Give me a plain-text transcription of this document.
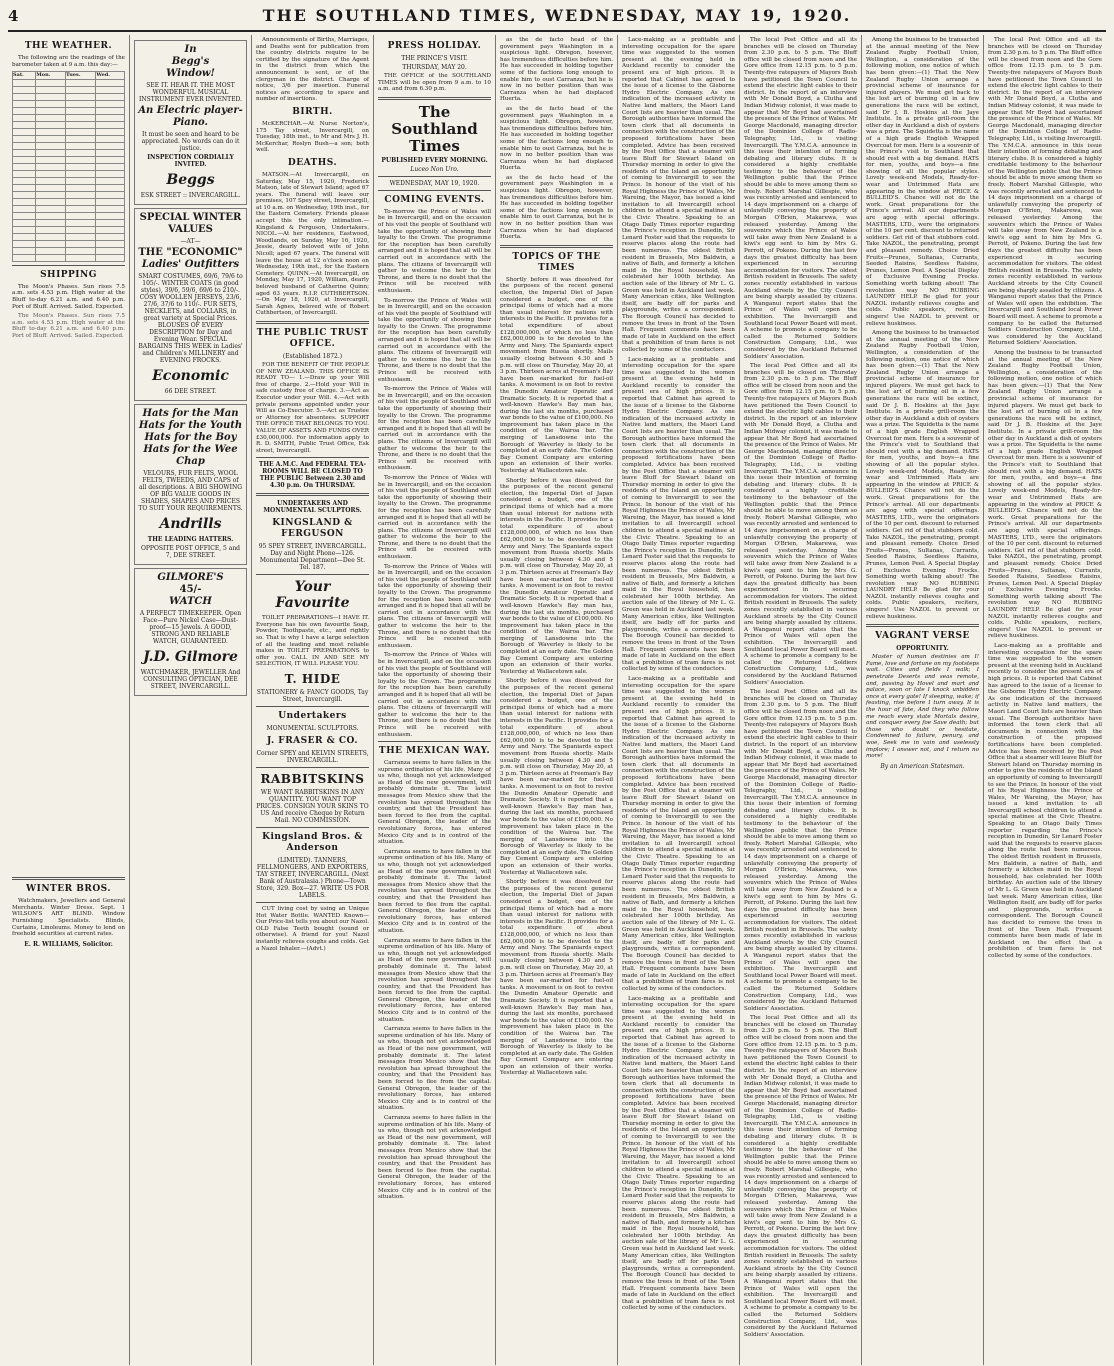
4	THE SOUTHLAND TIMES, WEDNESDAY, MAY 19, 1920.
THE WEATHER.
The following are the readings of the barometer taken at 9 a.m. this day:—
Sat.	Mon.	Tues.	Wed.

SHIPPING
The Moon's Phases. Sun rises 7.5 a.m. sets 4.53 p.m. High water at the Bluff to-day 6.21 a.m. and 6.40 p.m. Port of Bluff. Arrived. Sailed. Expected.
The Moon's Phases. Sun rises 7.5 a.m. sets 4.53 p.m. High water at the Bluff to-day 6.21 a.m. and 6.40 p.m. Port of Bluff. Arrived. Sailed. Expected.
WINTER BROS.
Watchmakers, Jewellers and General Merchants. Winter Dress. Sept. 1 WILSON'S ART BLIND. Window Furnishing Specialists. Blinds, Curtains, Linoleums. Money to lend on freehold securities at current rates.
E. R. WILLIAMS, Solicitor.
In
Begg's
Window!
SEE IT. HEAR IT. THE MOST WONDERFUL MUSICAL INSTRUMENT EVER INVENTED.
An Electric player-Piano.
It must be seen and heard to be appreciated. No words can do it justice.
INSPECTION CORDIALLY INVITED.
Beggs
ESK STREET :: INVERCARGILL.
SPECIAL WINTER VALUES
—AT—
THE "ECONOMIC"
Ladies' Outfitters
SMART COSTUMES, 69/6, 79/6 to 105/-. WINTER COATS (in good styles), 39/6, 59/6, 69/6 to 210/-. COSY WOOLLEN JERSEYS, 23/6, 27/6, 37/6 to 110/-. FUR SETS, NECKLETS, and COLLARS, in great variety at Special Prices. BLOUSES OF EVERY DESCRIPTION for Day and Evening Wear. SPECIAL BARGAINS THIS WEEK in Ladies' and Children's MILLINERY and EVENING FROCKS.
Economic
66 DEE STREET.
Hats for the Man
Hats for the Youth
Hats for the Boy
Hats for the Wee Chap
VELOURS, FUR FELTS, WOOL FELTS, TWEEDS, AND CAPS of all descriptions. A BIG SHOWING OF BIG VALUE GOODS IN SHADES, SHAPES AND PRICES TO SUIT YOUR REQUIREMENTS.
Andrills
THE LEADING HATTERS.
OPPOSITE POST OFFICE, 5 and 7, DEE STREET.
GILMORE'S
45/-
WATCH
A PERFECT TIMEKEEPER. Open Face—Pure Nickel Case—Dust-proof—15 Jewels. A GOOD, STRONG AND RELIABLE WATCH, GUARANTEED.
J.D. Gilmore
WATCHMAKER, JEWELLER And CONSULTING OPTICIAN, DEE STREET, INVERCARGILL.
Announcements of Births, Marriages, and Deaths sent for publication from the country districts require to be certified by the signature of the Agent in the district from which the announcement is sent, or of the clergyman in the district. Charge of notice, 3/6 per insertion. Funeral notices are according to space and number of insertions.
BIRTH.
McKERCHAR.—At Nurse Norton's, 175 Tay street, Invercargill, on Tuesday, 18th inst., to Mr and Mrs J. H. McKerchar, Roslyn Bush—a son; both well.
DEATHS.
MATSON.—At Invercargill, on Saturday, May 15, 1920, Frederick Matson, late of Stewart Island; aged 67 years. The funeral will leave our premises, 107 Spey street, Invercargill, at 10 a.m. on Wednesday, 19th inst., for the Eastern Cemetery. Friends please accept this the only intimation.—Kingsland & Ferguson, Undertakers. NICOL.—At her residence, Eastwood, Woodlands, on Sunday, May 16, 1920, Jessie, dearly beloved wife of John Nicoll; aged 67 years. The funeral will leave the house at 12 o'clock noon on Wednesday, 19th inst., for the Eastern Cemetery. QUINN.—At Invercargill, on Monday, May 17, 1920, William, dearly beloved husband of Catherine Quinn; aged 63 years. R.I.P. CUTHBERTSON.—On May 18, 1920, at Invercargill, Sarah Agnes, beloved wife of Robert Cuthbertson, of Invercargill.
THE PUBLIC TRUST OFFICE.
(Established 1872.)
FOR THE BENEFIT OF THE PEOPLE OF NEW ZEALAND. THIS OFFICE IS READY TO— 1.—Draw up your Will free of charge. 2.—Hold your Will in safe custody free of charge. 3.—Act as Executor under your Will. 4.—Act with private persons appointed under your Will as Co-Executor. 5.—Act as Trustee or Attorney for absentees. SUPPORT THE OFFICE THAT BELONGS TO YOU. VALUE OF ASSETS AND FUNDS OVER £30,000,000. For information apply to R. D. SMITH, Public Trust Office, Esk street, Invercargill.
THE A.M.C. And FEDERAL TEA-ROOMS WILL BE CLOSED TO THE PUBLIC Between 2.30 and 4.30 p.m. On THURSDAY.
UNDERTAKERS AND MONUMENTAL SCULPTORS.
KINGSLAND & FERGUSON
95 SPEY STREET, INVERCARGILL. Day and Night Phone—126. Monumental Department—Dee St. Tel. 187.
Your Favourite
TOILET PREPARATIONS—I HAVE IT. Everyone has his own favourite Soap, Powder, Toothpaste, etc., and rightly so. That is why I have a large selection of all the leading and most reliable makes in TOILET PREPARATIONS to offer you. CALL IN AND SEE MY SELECTION, IT WILL PLEASE YOU.
T. HIDE
STATIONERY & FANCY GOODS, Tay Street, Invercargill.
Undertakers
MONUMENTAL SCULPTORS.
J. FRASER & CO.
Corner SPEY and KELVIN STREETS, INVERCARGILL.
RABBITSKINS
WE WANT RABBITSKINS IN ANY QUANTITY. YOU WANT TOP PRICES. CONSIGN YOUR SKINS TO US And receive Cheque by Return Mail. NO COMMISSION.
Kingsland Bros. & Anderson
(LIMITED). TANNERS, FELLMONGERS, AND EXPORTERS, TAY STREET, INVERCARGILL. (Next Bank of Australasia.) Phone—Town Store, 329. Box—27. WRITE US FOR LABELS.
CUT living cost by using an Unique Hot Water Bottle. WANTED Known—Our Price-list tells you about our Nazol. OLD False Teeth bought (sound or otherwise). A friend for you! Nazol instantly relieves coughs and colds. Get a Nazol Inhaler.—(Advt.)
PRESS HOLIDAY.
THE PRINCE'S VISIT.
THURSDAY, MAY 20.
THE OFFICE of the SOUTHLAND TIMES will be open from 9 a.m. to 10 a.m. and from 6.30 p.m.
The Southland Times
PUBLISHED EVERY MORNING.
Luceo Non Uro.
WEDNESDAY, MAY 19, 1920.
COMING EVENTS.
To-morrow the Prince of Wales will be in Invercargill, and on the occasion of his visit the people of Southland will take the opportunity of showing their loyalty to the Crown. The programme for the reception has been carefully arranged and it is hoped that all will be carried out in accordance with the plans. The citizens of Invercargill will gather to welcome the heir to the Throne, and there is no doubt that the Prince will be received with enthusiasm.
To-morrow the Prince of Wales will be in Invercargill, and on the occasion of his visit the people of Southland will take the opportunity of showing their loyalty to the Crown. The programme for the reception has been carefully arranged and it is hoped that all will be carried out in accordance with the plans. The citizens of Invercargill will gather to welcome the heir to the Throne, and there is no doubt that the Prince will be received with enthusiasm.
To-morrow the Prince of Wales will be in Invercargill, and on the occasion of his visit the people of Southland will take the opportunity of showing their loyalty to the Crown. The programme for the reception has been carefully arranged and it is hoped that all will be carried out in accordance with the plans. The citizens of Invercargill will gather to welcome the heir to the Throne, and there is no doubt that the Prince will be received with enthusiasm.
To-morrow the Prince of Wales will be in Invercargill, and on the occasion of his visit the people of Southland will take the opportunity of showing their loyalty to the Crown. The programme for the reception has been carefully arranged and it is hoped that all will be carried out in accordance with the plans. The citizens of Invercargill will gather to welcome the heir to the Throne, and there is no doubt that the Prince will be received with enthusiasm.
To-morrow the Prince of Wales will be in Invercargill, and on the occasion of his visit the people of Southland will take the opportunity of showing their loyalty to the Crown. The programme for the reception has been carefully arranged and it is hoped that all will be carried out in accordance with the plans. The citizens of Invercargill will gather to welcome the heir to the Throne, and there is no doubt that the Prince will be received with enthusiasm.
To-morrow the Prince of Wales will be in Invercargill, and on the occasion of his visit the people of Southland will take the opportunity of showing their loyalty to the Crown. The programme for the reception has been carefully arranged and it is hoped that all will be carried out in accordance with the plans. The citizens of Invercargill will gather to welcome the heir to the Throne, and there is no doubt that the Prince will be received with enthusiasm.
THE MEXICAN WAY.
Carranza seems to have fallen in the supreme ordination of his life. Many of us who, though not yet acknowledged as Head of the new government, will probably dominate it. The latest messages from Mexico show that the revolution has spread throughout the country, and that the President has been forced to flee from the capital. General Obregon, the leader of the revolutionary forces, has entered Mexico City and is in control of the situation.
Carranza seems to have fallen in the supreme ordination of his life. Many of us who, though not yet acknowledged as Head of the new government, will probably dominate it. The latest messages from Mexico show that the revolution has spread throughout the country, and that the President has been forced to flee from the capital. General Obregon, the leader of the revolutionary forces, has entered Mexico City and is in control of the situation.
Carranza seems to have fallen in the supreme ordination of his life. Many of us who, though not yet acknowledged as Head of the new government, will probably dominate it. The latest messages from Mexico show that the revolution has spread throughout the country, and that the President has been forced to flee from the capital. General Obregon, the leader of the revolutionary forces, has entered Mexico City and is in control of the situation.
Carranza seems to have fallen in the supreme ordination of his life. Many of us who, though not yet acknowledged as Head of the new government, will probably dominate it. The latest messages from Mexico show that the revolution has spread throughout the country, and that the President has been forced to flee from the capital. General Obregon, the leader of the revolutionary forces, has entered Mexico City and is in control of the situation.
Carranza seems to have fallen in the supreme ordination of his life. Many of us who, though not yet acknowledged as Head of the new government, will probably dominate it. The latest messages from Mexico show that the revolution has spread throughout the country, and that the President has been forced to flee from the capital. General Obregon, the leader of the revolutionary forces, has entered Mexico City and is in control of the situation.
as the de facto head of the government pays Washington in a suspicious light. Obregon, however, has tremendous difficulties before him. He has succeeded in holding together some of the factions long enough to enable him to oust Carranza, but he is now in no better position than was Carranza when he had displaced Huerta.
as the de facto head of the government pays Washington in a suspicious light. Obregon, however, has tremendous difficulties before him. He has succeeded in holding together some of the factions long enough to enable him to oust Carranza, but he is now in no better position than was Carranza when he had displaced Huerta.
as the de facto head of the government pays Washington in a suspicious light. Obregon, however, has tremendous difficulties before him. He has succeeded in holding together some of the factions long enough to enable him to oust Carranza, but he is now in no better position than was Carranza when he had displaced Huerta.
TOPICS OF THE TIMES
Shortly before it was dissolved for the purposes of the recent general election, the Imperial Diet of Japan considered a budget, one of the principal items of which had a more than usual interest for nations with interests in the Pacific. It provides for a total expenditure of about £128,000,000, of which no less than £62,000,000 is to be devoted to the Army and Navy. The Spaniards expect movement from Russia shortly. Mails usually closing between 4.30 and 5 p.m. will close on Thursday, May 20, at 3 p.m. Thirteen acres at Freeman's Bay have been ear-marked for fuel-oil tanks. A movement is on foot to revive the Dunedin Amateur Operatic and Dramatic Society. It is reported that a well-known Hawke's Bay man has, during the last six months, purchased war bonds to the value of £100,000. No improvement has taken place in the condition of the Wairoa bar. The merging of Lansdowne into the Borough of Waverley is likely to be completed at an early date. The Golden Bay Cement Company are entering upon an extension of their works. Yesterday at Wallacetown sale.
Shortly before it was dissolved for the purposes of the recent general election, the Imperial Diet of Japan considered a budget, one of the principal items of which had a more than usual interest for nations with interests in the Pacific. It provides for a total expenditure of about £128,000,000, of which no less than £62,000,000 is to be devoted to the Army and Navy. The Spaniards expect movement from Russia shortly. Mails usually closing between 4.30 and 5 p.m. will close on Thursday, May 20, at 3 p.m. Thirteen acres at Freeman's Bay have been ear-marked for fuel-oil tanks. A movement is on foot to revive the Dunedin Amateur Operatic and Dramatic Society. It is reported that a well-known Hawke's Bay man has, during the last six months, purchased war bonds to the value of £100,000. No improvement has taken place in the condition of the Wairoa bar. The merging of Lansdowne into the Borough of Waverley is likely to be completed at an early date. The Golden Bay Cement Company are entering upon an extension of their works. Yesterday at Wallacetown sale.
Shortly before it was dissolved for the purposes of the recent general election, the Imperial Diet of Japan considered a budget, one of the principal items of which had a more than usual interest for nations with interests in the Pacific. It provides for a total expenditure of about £128,000,000, of which no less than £62,000,000 is to be devoted to the Army and Navy. The Spaniards expect movement from Russia shortly. Mails usually closing between 4.30 and 5 p.m. will close on Thursday, May 20, at 3 p.m. Thirteen acres at Freeman's Bay have been ear-marked for fuel-oil tanks. A movement is on foot to revive the Dunedin Amateur Operatic and Dramatic Society. It is reported that a well-known Hawke's Bay man has, during the last six months, purchased war bonds to the value of £100,000. No improvement has taken place in the condition of the Wairoa bar. The merging of Lansdowne into the Borough of Waverley is likely to be completed at an early date. The Golden Bay Cement Company are entering upon an extension of their works. Yesterday at Wallacetown sale.
Shortly before it was dissolved for the purposes of the recent general election, the Imperial Diet of Japan considered a budget, one of the principal items of which had a more than usual interest for nations with interests in the Pacific. It provides for a total expenditure of about £128,000,000, of which no less than £62,000,000 is to be devoted to the Army and Navy. The Spaniards expect movement from Russia shortly. Mails usually closing between 4.30 and 5 p.m. will close on Thursday, May 20, at 3 p.m. Thirteen acres at Freeman's Bay have been ear-marked for fuel-oil tanks. A movement is on foot to revive the Dunedin Amateur Operatic and Dramatic Society. It is reported that a well-known Hawke's Bay man has, during the last six months, purchased war bonds to the value of £100,000. No improvement has taken place in the condition of the Wairoa bar. The merging of Lansdowne into the Borough of Waverley is likely to be completed at an early date. The Golden Bay Cement Company are entering upon an extension of their works. Yesterday at Wallacetown sale.
Lace-making as a profitable and interesting occupation for the spare time was suggested to the women present at the evening held in Auckland recently to consider the present era of high prices. It is reported that Cabinet has agreed to the issue of a license to the Gisborne Hydro Electric Company. As one indication of the increased activity in Native land matters, the Maori Land Court lists are heavier than usual. The Borough authorities have informed the town clerk that all documents in connection with the construction of the proposed fortifications have been completed. Advice has been received by the Post Office that a steamer will leave Bluff for Stewart Island on Thursday morning in order to give the residents of the Island an opportunity of coming to Invercargill to see the Prince. In honour of the visit of his Royal Highness the Prince of Wales, Mr Wareing, the Mayor, has issued a kind invitation to all Invercargill school children to attend a special matinee at the Civic Theatre. Speaking to an Otago Daily Times reporter regarding the Prince's reception in Dunedin, Sir Lenard Foster said that the requests to reserve places along the route had been numerous. The oldest British resident in Brussels, Mrs Baldwin, a native of Bath, and formerly a kitchen maid in the Royal household, has celebrated her 100th birthday. An auction sale of the library of Mr L. G. Green was held in Auckland last week. Many American cities, like Wellington itself, are badly off for parks and playgrounds, writes a correspondent. The Borough Council has decided to remove the trees in front of the Town Hall. Frequent comments have been made of late in Auckland on the effect that a prohibition of tram fares is not collected by some of the conductors.
Lace-making as a profitable and interesting occupation for the spare time was suggested to the women present at the evening held in Auckland recently to consider the present era of high prices. It is reported that Cabinet has agreed to the issue of a license to the Gisborne Hydro Electric Company. As one indication of the increased activity in Native land matters, the Maori Land Court lists are heavier than usual. The Borough authorities have informed the town clerk that all documents in connection with the construction of the proposed fortifications have been completed. Advice has been received by the Post Office that a steamer will leave Bluff for Stewart Island on Thursday morning in order to give the residents of the Island an opportunity of coming to Invercargill to see the Prince. In honour of the visit of his Royal Highness the Prince of Wales, Mr Wareing, the Mayor, has issued a kind invitation to all Invercargill school children to attend a special matinee at the Civic Theatre. Speaking to an Otago Daily Times reporter regarding the Prince's reception in Dunedin, Sir Lenard Foster said that the requests to reserve places along the route had been numerous. The oldest British resident in Brussels, Mrs Baldwin, a native of Bath, and formerly a kitchen maid in the Royal household, has celebrated her 100th birthday. An auction sale of the library of Mr L. G. Green was held in Auckland last week. Many American cities, like Wellington itself, are badly off for parks and playgrounds, writes a correspondent. The Borough Council has decided to remove the trees in front of the Town Hall. Frequent comments have been made of late in Auckland on the effect that a prohibition of tram fares is not collected by some of the conductors.
Lace-making as a profitable and interesting occupation for the spare time was suggested to the women present at the evening held in Auckland recently to consider the present era of high prices. It is reported that Cabinet has agreed to the issue of a license to the Gisborne Hydro Electric Company. As one indication of the increased activity in Native land matters, the Maori Land Court lists are heavier than usual. The Borough authorities have informed the town clerk that all documents in connection with the construction of the proposed fortifications have been completed. Advice has been received by the Post Office that a steamer will leave Bluff for Stewart Island on Thursday morning in order to give the residents of the Island an opportunity of coming to Invercargill to see the Prince. In honour of the visit of his Royal Highness the Prince of Wales, Mr Wareing, the Mayor, has issued a kind invitation to all Invercargill school children to attend a special matinee at the Civic Theatre. Speaking to an Otago Daily Times reporter regarding the Prince's reception in Dunedin, Sir Lenard Foster said that the requests to reserve places along the route had been numerous. The oldest British resident in Brussels, Mrs Baldwin, a native of Bath, and formerly a kitchen maid in the Royal household, has celebrated her 100th birthday. An auction sale of the library of Mr L. G. Green was held in Auckland last week. Many American cities, like Wellington itself, are badly off for parks and playgrounds, writes a correspondent. The Borough Council has decided to remove the trees in front of the Town Hall. Frequent comments have been made of late in Auckland on the effect that a prohibition of tram fares is not collected by some of the conductors.
Lace-making as a profitable and interesting occupation for the spare time was suggested to the women present at the evening held in Auckland recently to consider the present era of high prices. It is reported that Cabinet has agreed to the issue of a license to the Gisborne Hydro Electric Company. As one indication of the increased activity in Native land matters, the Maori Land Court lists are heavier than usual. The Borough authorities have informed the town clerk that all documents in connection with the construction of the proposed fortifications have been completed. Advice has been received by the Post Office that a steamer will leave Bluff for Stewart Island on Thursday morning in order to give the residents of the Island an opportunity of coming to Invercargill to see the Prince. In honour of the visit of his Royal Highness the Prince of Wales, Mr Wareing, the Mayor, has issued a kind invitation to all Invercargill school children to attend a special matinee at the Civic Theatre. Speaking to an Otago Daily Times reporter regarding the Prince's reception in Dunedin, Sir Lenard Foster said that the requests to reserve places along the route had been numerous. The oldest British resident in Brussels, Mrs Baldwin, a native of Bath, and formerly a kitchen maid in the Royal household, has celebrated her 100th birthday. An auction sale of the library of Mr L. G. Green was held in Auckland last week. Many American cities, like Wellington itself, are badly off for parks and playgrounds, writes a correspondent. The Borough Council has decided to remove the trees in front of the Town Hall. Frequent comments have been made of late in Auckland on the effect that a prohibition of tram fares is not collected by some of the conductors.
The local Post Office and all its branches will be closed on Thursday from 2.30 p.m. to 5 p.m. The Bluff office will be closed from noon and the Gore office from 12.15 p.m. to 5 p.m. Twenty-five ratepayers of Mayors Bush have petitioned the Town Council to extend the electric light cables to their district. In the report of an interview with Mr Donald Boyd, a Clutha and Indian Midway colonist, it was made to appear that Mr Boyd had ascertained the presence of the Prince of Wales. Mr George Macdonald, managing director of the Dominion College of Radio-Telegraphy, Ltd., is visiting Invercargill. The Y.M.C.A. announce in this issue their intention of forming debating and literary clubs. It is considered a highly creditable testimony to the behaviour of the Wellington public that the Prince should be able to move among them so freely. Robert Marshal Gillespie, who was recently arrested and sentenced to 14 days imprisonment on a charge of unlawfully conveying the property of Morgan O'Brien, Makarewa, was released yesterday. Among the souvenirs which the Prince of Wales will take away from New Zealand is a kiwi's egg sent to him by Mrs G. Perrott, of Pokeno. During the last few days the greatest difficulty has been experienced in securing accommodation for visitors. The oldest British resident in Brussels. The safety zones recently established in various Auckland streets by the City Council are being sharply assailed by citizens. A Wanganui report states that the Prince of Wales will open the exhibition. The Invercargill and Southland local Power Board will meet. A scheme to promote a company to be called the Returned Soldiers Construction Company, Ltd., was considered by the Auckland Returned Soldiers' Association.
The local Post Office and all its branches will be closed on Thursday from 2.30 p.m. to 5 p.m. The Bluff office will be closed from noon and the Gore office from 12.15 p.m. to 5 p.m. Twenty-five ratepayers of Mayors Bush have petitioned the Town Council to extend the electric light cables to their district. In the report of an interview with Mr Donald Boyd, a Clutha and Indian Midway colonist, it was made to appear that Mr Boyd had ascertained the presence of the Prince of Wales. Mr George Macdonald, managing director of the Dominion College of Radio-Telegraphy, Ltd., is visiting Invercargill. The Y.M.C.A. announce in this issue their intention of forming debating and literary clubs. It is considered a highly creditable testimony to the behaviour of the Wellington public that the Prince should be able to move among them so freely. Robert Marshal Gillespie, who was recently arrested and sentenced to 14 days imprisonment on a charge of unlawfully conveying the property of Morgan O'Brien, Makarewa, was released yesterday. Among the souvenirs which the Prince of Wales will take away from New Zealand is a kiwi's egg sent to him by Mrs G. Perrott, of Pokeno. During the last few days the greatest difficulty has been experienced in securing accommodation for visitors. The oldest British resident in Brussels. The safety zones recently established in various Auckland streets by the City Council are being sharply assailed by citizens. A Wanganui report states that the Prince of Wales will open the exhibition. The Invercargill and Southland local Power Board will meet. A scheme to promote a company to be called the Returned Soldiers Construction Company, Ltd., was considered by the Auckland Returned Soldiers' Association.
The local Post Office and all its branches will be closed on Thursday from 2.30 p.m. to 5 p.m. The Bluff office will be closed from noon and the Gore office from 12.15 p.m. to 5 p.m. Twenty-five ratepayers of Mayors Bush have petitioned the Town Council to extend the electric light cables to their district. In the report of an interview with Mr Donald Boyd, a Clutha and Indian Midway colonist, it was made to appear that Mr Boyd had ascertained the presence of the Prince of Wales. Mr George Macdonald, managing director of the Dominion College of Radio-Telegraphy, Ltd., is visiting Invercargill. The Y.M.C.A. announce in this issue their intention of forming debating and literary clubs. It is considered a highly creditable testimony to the behaviour of the Wellington public that the Prince should be able to move among them so freely. Robert Marshal Gillespie, who was recently arrested and sentenced to 14 days imprisonment on a charge of unlawfully conveying the property of Morgan O'Brien, Makarewa, was released yesterday. Among the souvenirs which the Prince of Wales will take away from New Zealand is a kiwi's egg sent to him by Mrs G. Perrott, of Pokeno. During the last few days the greatest difficulty has been experienced in securing accommodation for visitors. The oldest British resident in Brussels. The safety zones recently established in various Auckland streets by the City Council are being sharply assailed by citizens. A Wanganui report states that the Prince of Wales will open the exhibition. The Invercargill and Southland local Power Board will meet. A scheme to promote a company to be called the Returned Soldiers Construction Company, Ltd., was considered by the Auckland Returned Soldiers' Association.
The local Post Office and all its branches will be closed on Thursday from 2.30 p.m. to 5 p.m. The Bluff office will be closed from noon and the Gore office from 12.15 p.m. to 5 p.m. Twenty-five ratepayers of Mayors Bush have petitioned the Town Council to extend the electric light cables to their district. In the report of an interview with Mr Donald Boyd, a Clutha and Indian Midway colonist, it was made to appear that Mr Boyd had ascertained the presence of the Prince of Wales. Mr George Macdonald, managing director of the Dominion College of Radio-Telegraphy, Ltd., is visiting Invercargill. The Y.M.C.A. announce in this issue their intention of forming debating and literary clubs. It is considered a highly creditable testimony to the behaviour of the Wellington public that the Prince should be able to move among them so freely. Robert Marshal Gillespie, who was recently arrested and sentenced to 14 days imprisonment on a charge of unlawfully conveying the property of Morgan O'Brien, Makarewa, was released yesterday. Among the souvenirs which the Prince of Wales will take away from New Zealand is a kiwi's egg sent to him by Mrs G. Perrott, of Pokeno. During the last few days the greatest difficulty has been experienced in securing accommodation for visitors. The oldest British resident in Brussels. The safety zones recently established in various Auckland streets by the City Council are being sharply assailed by citizens. A Wanganui report states that the Prince of Wales will open the exhibition. The Invercargill and Southland local Power Board will meet. A scheme to promote a company to be called the Returned Soldiers Construction Company, Ltd., was considered by the Auckland Returned Soldiers' Association.
Among the business to be transacted at the annual meeting of the New Zealand Rugby Football Union, Wellington, a consideration of the following motion, one notice of which has been given:—(1) That the New Zealand Rugby Union arrange a provincial scheme of insurance for injured players. We must get back to the lost art of burning oil in a few generations the race will be extinct, said Dr J. B. Hoskins at the Jaye Institute. In a private grill-room the other day in Auckland a dish of oysters was a prize. The Squidetta is the name of a high grade English Wrapped Overcoat for men. Here is a souvenir of the Prince's visit to Southland that should rest with a big demand. HATS for men, youths, and boys—a fine showing of all the popular styles. Lovely week-end Models, Ready-for-wear and Untrimmed Hats are appearing in the window at PRICE & BULLEID'S. Chance will not do the work. Great preparations for the Prince's arrival. All our departments are agog with special offerings. MASTERS, LTD., were the originators of the 10 per cent. discount to returned soldiers. Get rid of that stubborn cold. Take NAZOL, the penetrating, prompt and pleasant remedy. Choice Dried Fruits—Prunes, Sultanas, Currants, Seeded Raisins, Seedless Raisins, Prunes, Lemon Peel. A Special Display of Exclusive Evening Frocks. Something worth talking about! The revolution way NO RUBBING LAUNDRY HELP. Be glad for your NAZOL instantly relieves coughs and colds. Public speakers, reciters, singers! Use NAZOL to prevent or relieve huskiness.
Among the business to be transacted at the annual meeting of the New Zealand Rugby Football Union, Wellington, a consideration of the following motion, one notice of which has been given:—(1) That the New Zealand Rugby Union arrange a provincial scheme of insurance for injured players. We must get back to the lost art of burning oil in a few generations the race will be extinct, said Dr J. B. Hoskins at the Jaye Institute. In a private grill-room the other day in Auckland a dish of oysters was a prize. The Squidetta is the name of a high grade English Wrapped Overcoat for men. Here is a souvenir of the Prince's visit to Southland that should rest with a big demand. HATS for men, youths, and boys—a fine showing of all the popular styles. Lovely week-end Models, Ready-for-wear and Untrimmed Hats are appearing in the window at PRICE & BULLEID'S. Chance will not do the work. Great preparations for the Prince's arrival. All our departments are agog with special offerings. MASTERS, LTD., were the originators of the 10 per cent. discount to returned soldiers. Get rid of that stubborn cold. Take NAZOL, the penetrating, prompt and pleasant remedy. Choice Dried Fruits—Prunes, Sultanas, Currants, Seeded Raisins, Seedless Raisins, Prunes, Lemon Peel. A Special Display of Exclusive Evening Frocks. Something worth talking about! The revolution way NO RUBBING LAUNDRY HELP. Be glad for your NAZOL instantly relieves coughs and colds. Public speakers, reciters, singers! Use NAZOL to prevent or relieve huskiness.
VAGRANT VERSE
OPPORTUNITY.
Master of human destinies am I! Fame, love and fortune on my footsteps wait. Cities and fields I walk; I penetrate Deserts and seas remote, and, passing by Hovel and mart and palace, soon or late I knock unbidden once at every gate! If sleeping, wake; if feasting, rise before I turn away. It is the hour of fate, And they who follow me reach every state Mortals desire, and conquer every foe Save death; but those who doubt or hesitate, Condemned to failure, penury, and woe, Seek me in vain and uselessly implore; I answer not, and I return no more!
By an American Statesman.
The local Post Office and all its branches will be closed on Thursday from 2.30 p.m. to 5 p.m. The Bluff office will be closed from noon and the Gore office from 12.15 p.m. to 5 p.m. Twenty-five ratepayers of Mayors Bush have petitioned the Town Council to extend the electric light cables to their district. In the report of an interview with Mr Donald Boyd, a Clutha and Indian Midway colonist, it was made to appear that Mr Boyd had ascertained the presence of the Prince of Wales. Mr George Macdonald, managing director of the Dominion College of Radio-Telegraphy, Ltd., is visiting Invercargill. The Y.M.C.A. announce in this issue their intention of forming debating and literary clubs. It is considered a highly creditable testimony to the behaviour of the Wellington public that the Prince should be able to move among them so freely. Robert Marshal Gillespie, who was recently arrested and sentenced to 14 days imprisonment on a charge of unlawfully conveying the property of Morgan O'Brien, Makarewa, was released yesterday. Among the souvenirs which the Prince of Wales will take away from New Zealand is a kiwi's egg sent to him by Mrs G. Perrott, of Pokeno. During the last few days the greatest difficulty has been experienced in securing accommodation for visitors. The oldest British resident in Brussels. The safety zones recently established in various Auckland streets by the City Council are being sharply assailed by citizens. A Wanganui report states that the Prince of Wales will open the exhibition. The Invercargill and Southland local Power Board will meet. A scheme to promote a company to be called the Returned Soldiers Construction Company, Ltd., was considered by the Auckland Returned Soldiers' Association.
Among the business to be transacted at the annual meeting of the New Zealand Rugby Football Union, Wellington, a consideration of the following motion, one notice of which has been given:—(1) That the New Zealand Rugby Union arrange a provincial scheme of insurance for injured players. We must get back to the lost art of burning oil in a few generations the race will be extinct, said Dr J. B. Hoskins at the Jaye Institute. In a private grill-room the other day in Auckland a dish of oysters was a prize. The Squidetta is the name of a high grade English Wrapped Overcoat for men. Here is a souvenir of the Prince's visit to Southland that should rest with a big demand. HATS for men, youths, and boys—a fine showing of all the popular styles. Lovely week-end Models, Ready-for-wear and Untrimmed Hats are appearing in the window at PRICE & BULLEID'S. Chance will not do the work. Great preparations for the Prince's arrival. All our departments are agog with special offerings. MASTERS, LTD., were the originators of the 10 per cent. discount to returned soldiers. Get rid of that stubborn cold. Take NAZOL, the penetrating, prompt and pleasant remedy. Choice Dried Fruits—Prunes, Sultanas, Currants, Seeded Raisins, Seedless Raisins, Prunes, Lemon Peel. A Special Display of Exclusive Evening Frocks. Something worth talking about! The revolution way NO RUBBING LAUNDRY HELP. Be glad for your NAZOL instantly relieves coughs and colds. Public speakers, reciters, singers! Use NAZOL to prevent or relieve huskiness.
Lace-making as a profitable and interesting occupation for the spare time was suggested to the women present at the evening held in Auckland recently to consider the present era of high prices. It is reported that Cabinet has agreed to the issue of a license to the Gisborne Hydro Electric Company. As one indication of the increased activity in Native land matters, the Maori Land Court lists are heavier than usual. The Borough authorities have informed the town clerk that all documents in connection with the construction of the proposed fortifications have been completed. Advice has been received by the Post Office that a steamer will leave Bluff for Stewart Island on Thursday morning in order to give the residents of the Island an opportunity of coming to Invercargill to see the Prince. In honour of the visit of his Royal Highness the Prince of Wales, Mr Wareing, the Mayor, has issued a kind invitation to all Invercargill school children to attend a special matinee at the Civic Theatre. Speaking to an Otago Daily Times reporter regarding the Prince's reception in Dunedin, Sir Lenard Foster said that the requests to reserve places along the route had been numerous. The oldest British resident in Brussels, Mrs Baldwin, a native of Bath, and formerly a kitchen maid in the Royal household, has celebrated her 100th birthday. An auction sale of the library of Mr L. G. Green was held in Auckland last week. Many American cities, like Wellington itself, are badly off for parks and playgrounds, writes a correspondent. The Borough Council has decided to remove the trees in front of the Town Hall. Frequent comments have been made of late in Auckland on the effect that a prohibition of tram fares is not collected by some of the conductors.
